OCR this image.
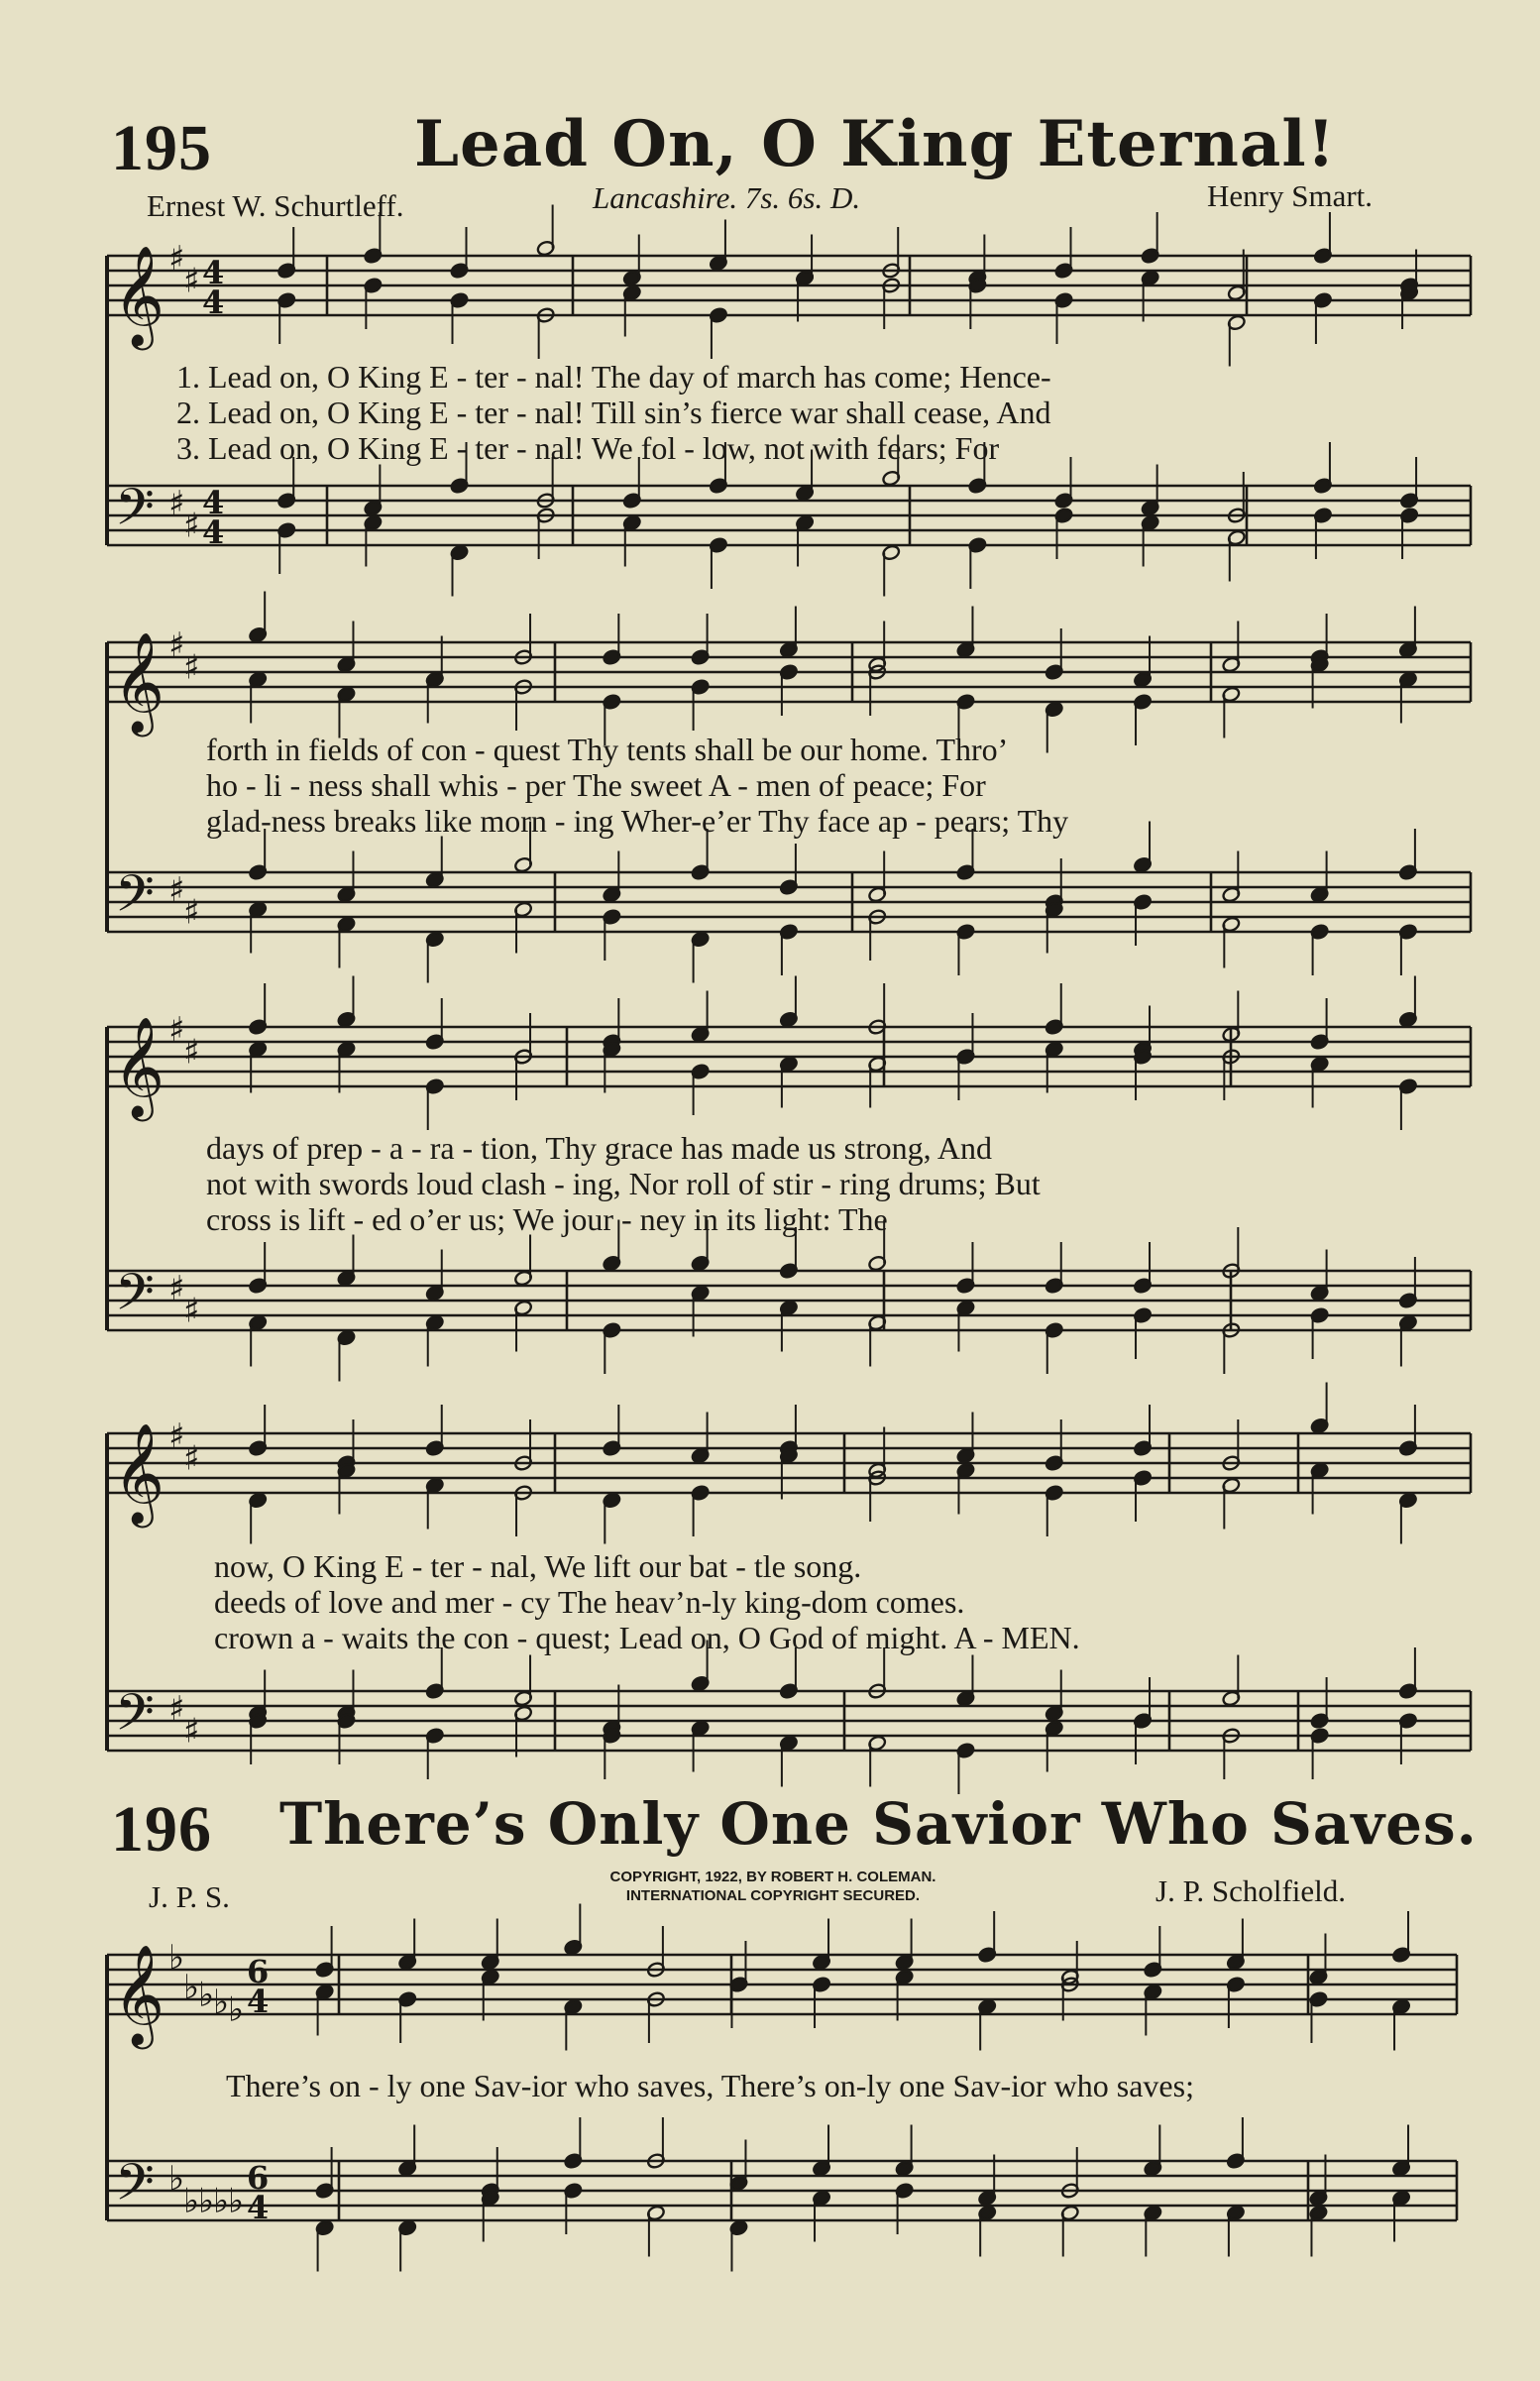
195	Lead On, O King Eternal!
Ernest W. Schurtleff.	Lancashire. 7s. 6s. D.	Henry Smart.
1. Lead on, O King E - ter - nal! The day of march has come; Hence-
2. Lead on, O King E - ter - nal! Till sin’s fierce war shall cease, And
3. Lead on, O King E - ter - nal! We fol - low, not with fears; For
forth in fields of con - quest Thy tents shall be our home. Thro’
ho - li - ness shall whis - per The sweet A - men of peace; For
glad-ness breaks like morn - ing Wher-e’er Thy face ap - pears; Thy
days of prep - a - ra - tion, Thy grace has made us strong, And
not with swords loud clash - ing, Nor roll of stir - ring drums; But
cross is lift - ed o’er us; We jour - ney in its light: The
now, O King E - ter - nal, We lift our bat - tle song.
deeds of love and mer - cy The heav’n-ly king-dom comes.
crown a - waits the con - quest; Lead on, O God of might. A - MEN.
196 There’s Only One Savior Who Saves.
J. P. S.
COPYRIGHT, 1922, BY ROBERT H. COLEMAN.
INTERNATIONAL COPYRIGHT SECURED.	J. P. Scholfield.
There’s on - ly one Sav-ior who saves, There’s on-ly one Sav-ior who saves;
𝄞 ♯
♯ 4
4
𝄢 ♯
♯
4
4
𝄞 ♯
♯
𝄢 ♯
♯
𝄞 ♯
♯
𝄢 ♯
♯
𝄞 ♯
♯
𝄢 ♯
♯
𝄞 ♭
♭
♭
♭
♭
6
4
𝄢 ♭
♭
♭
♭
♭
6
4
